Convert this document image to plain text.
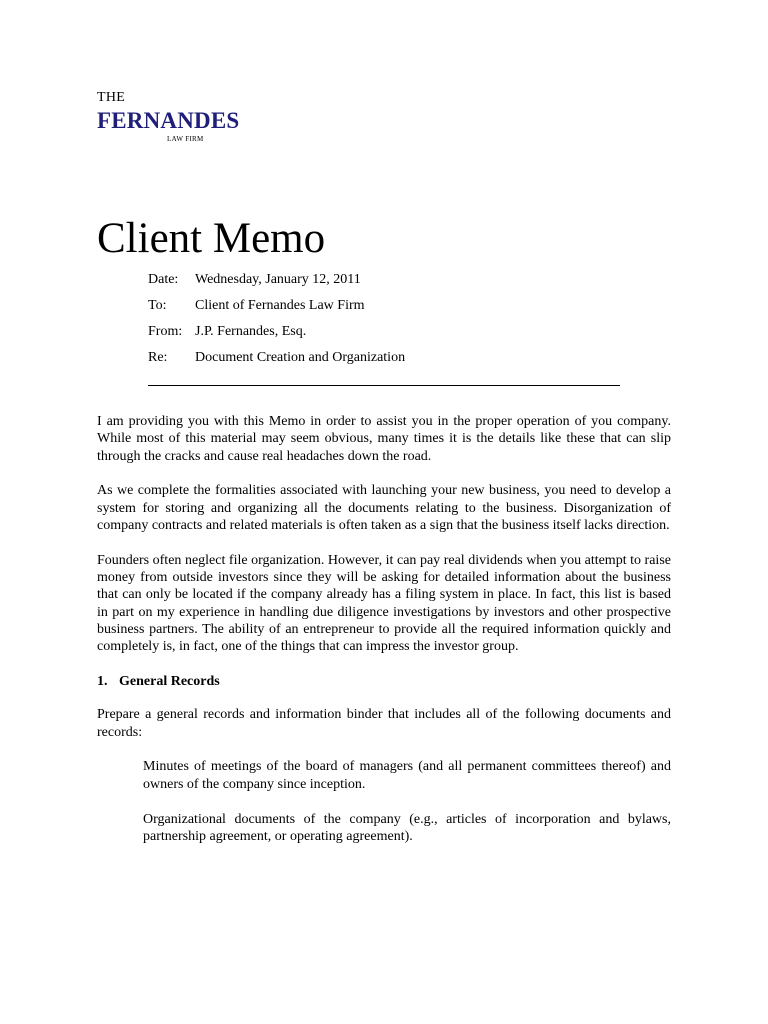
THE
FERNANDES
LAW FIRM
Client Memo
Date:	Wednesday, January 12, 2011
To:	Client of Fernandes Law Firm
From: J.P. Fernandes, Esq.
Re:	Document Creation and Organization

I am providing you with this Memo in order to assist you in the proper operation of you company. While most of this material may seem obvious, many times it is the details like these that can slip through the cracks and cause real headaches down the road.

As we complete the formalities associated with launching your new business, you need to develop a system for storing and organizing all the documents relating to the business. Disorganization of company contracts and related materials is often taken as a sign that the business itself lacks direction.

Founders often neglect file organization. However, it can pay real dividends when you attempt to raise money from outside investors since they will be asking for detailed information about the business that can only be located if the company already has a filing system in place. In fact, this list is based in part on my experience in handling due diligence investigations by investors and other prospective business partners. The ability of an entrepreneur to provide all the required information quickly and completely is, in fact, one of the things that can impress the investor group.

1. General Records

Prepare a general records and information binder that includes all of the following documents and records:

Minutes of meetings of the board of managers (and all permanent committees thereof) and owners of the company since inception.

Organizational documents of the company (e.g., articles of incorporation and bylaws, partnership agreement, or operating agreement).
